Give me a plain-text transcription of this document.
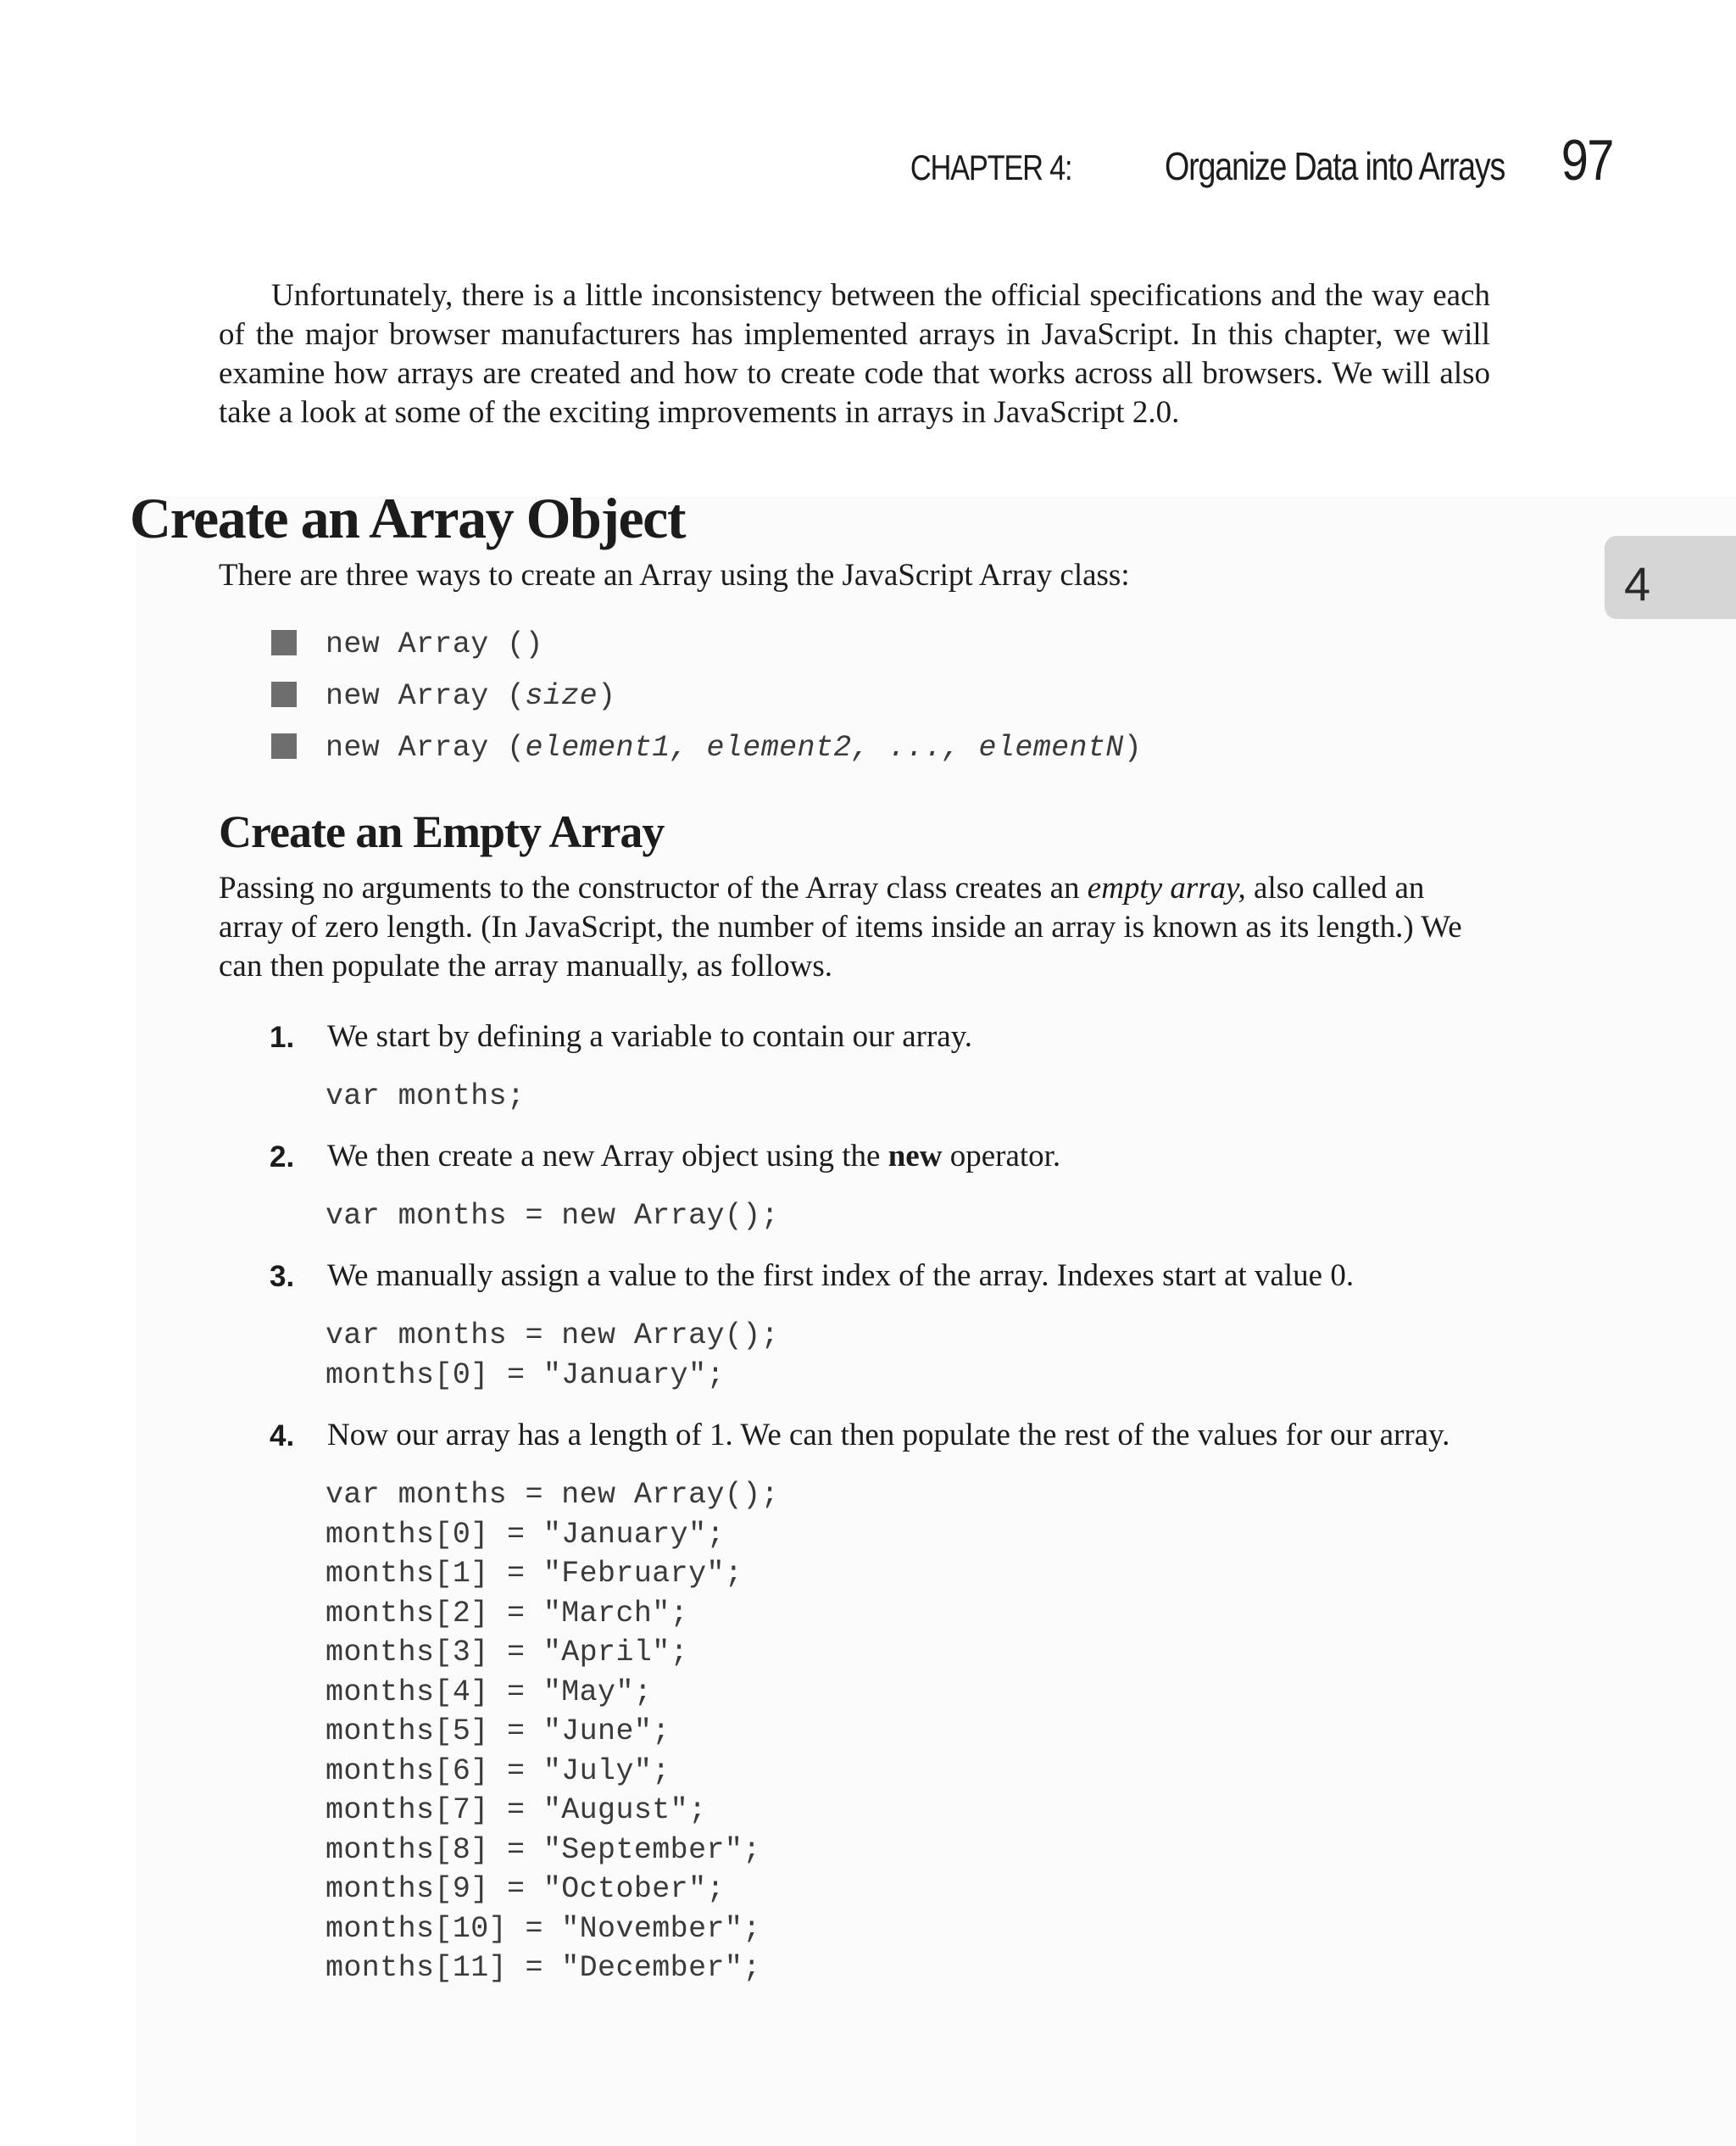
CHAPTER 4: Organize Data into Arrays 97
4

Unfortunately, there is a little inconsistency between the official specifications and the way each of the major browser manufacturers has implemented arrays in JavaScript. In this chapter, we will examine how arrays are created and how to create code that works across all browsers. We will also take a look at some of the exciting improvements in arrays in JavaScript 2.0.

Create an Array Object
There are three ways to create an Array using the JavaScript Array class:
new Array ()
new Array (size)
new Array (element1, element2, ..., elementN)
Create an Empty Array

Passing no arguments to the constructor of the Array class creates an empty array, also called an array of zero length. (In JavaScript, the number of items inside an array is known as its length.) We can then populate the array manually, as follows.

1. We start by defining a variable to contain our array.
var months;
2. We then create a new Array object using the new operator.
var months = new Array();
3. We manually assign a value to the first index of the array. Indexes start at value 0.
var months = new Array();
months[0] = "January";
4. Now our array has a length of 1. We can then populate the rest of the values for our array.
var months = new Array();
months[0] = "January";
months[1] = "February";
months[2] = "March";
months[3] = "April";
months[4] = "May";
months[5] = "June";
months[6] = "July";
months[7] = "August";
months[8] = "September";
months[9] = "October";
months[10] = "November";
months[11] = "December";
